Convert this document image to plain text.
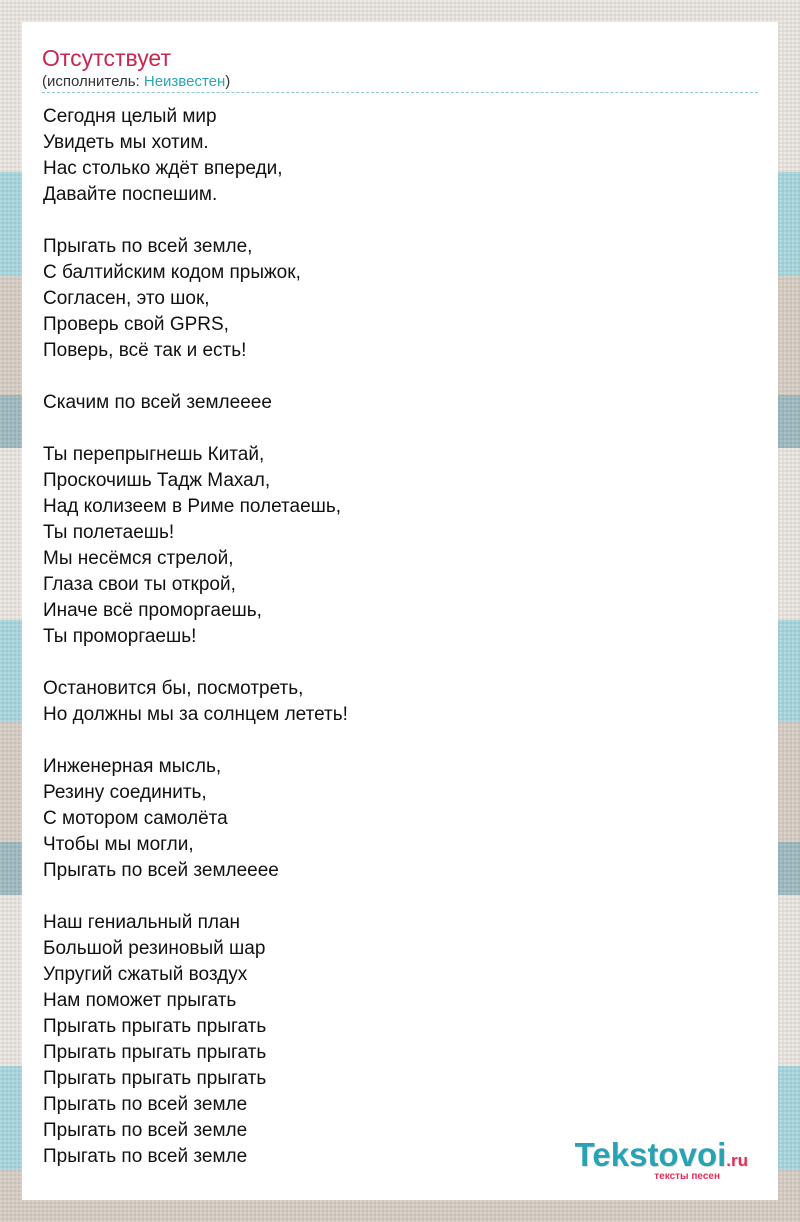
Отсутствует
(исполнитель: Неизвестен)
Сегодня целый мир
Увидеть мы хотим.
Нас столько ждёт впереди,
Давайте поспешим.
Прыгать по всей земле,
С балтийским кодом прыжок,
Согласен, это шок,
Проверь свой GPRS,
Поверь, всё так и есть!
Скачим по всей землееее
Ты перепрыгнешь Китай,
Проскочишь Тадж Махал,
Над колизеем в Риме полетаешь,
Ты полетаешь!
Мы несёмся стрелой,
Глаза свои ты открой,
Иначе всё проморгаешь,
Ты проморгаешь!
Остановится бы, посмотреть,
Но должны мы за солнцем лететь!
Инженерная мысль,
Резину соединить,
С мотором самолёта
Чтобы мы могли,
Прыгать по всей землееее
Наш гениальный план
Большой резиновый шар
Упругий сжатый воздух
Нам поможет прыгать
Прыгать прыгать прыгать
Прыгать прыгать прыгать
Прыгать прыгать прыгать
Прыгать по всей земле
Прыгать по всей земле
Прыгать по всей земле	Tekstovoi.ru
тексты песен
